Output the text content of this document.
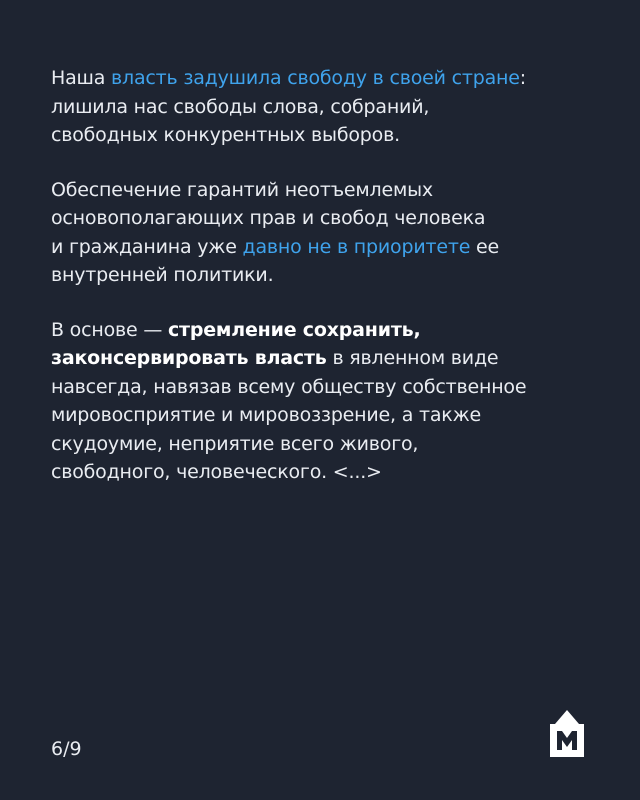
Наша власть задушила свободу в своей стране:
лишила нас свободы слова, собраний,
свободных конкурентных выборов.

Обеспечение гарантий неотъемлемых
основополагающих прав и свобод человека
и гражданина уже давно не в приоритете ее
внутренней политики.

В основе — стремление сохранить,
законсервировать власть в явленном виде
навсегда, навязав всему обществу собственное
мировосприятие и мировоззрение, а также
скудоумие, неприятие всего живого,
свободного, человеческого. <...>

6/9
